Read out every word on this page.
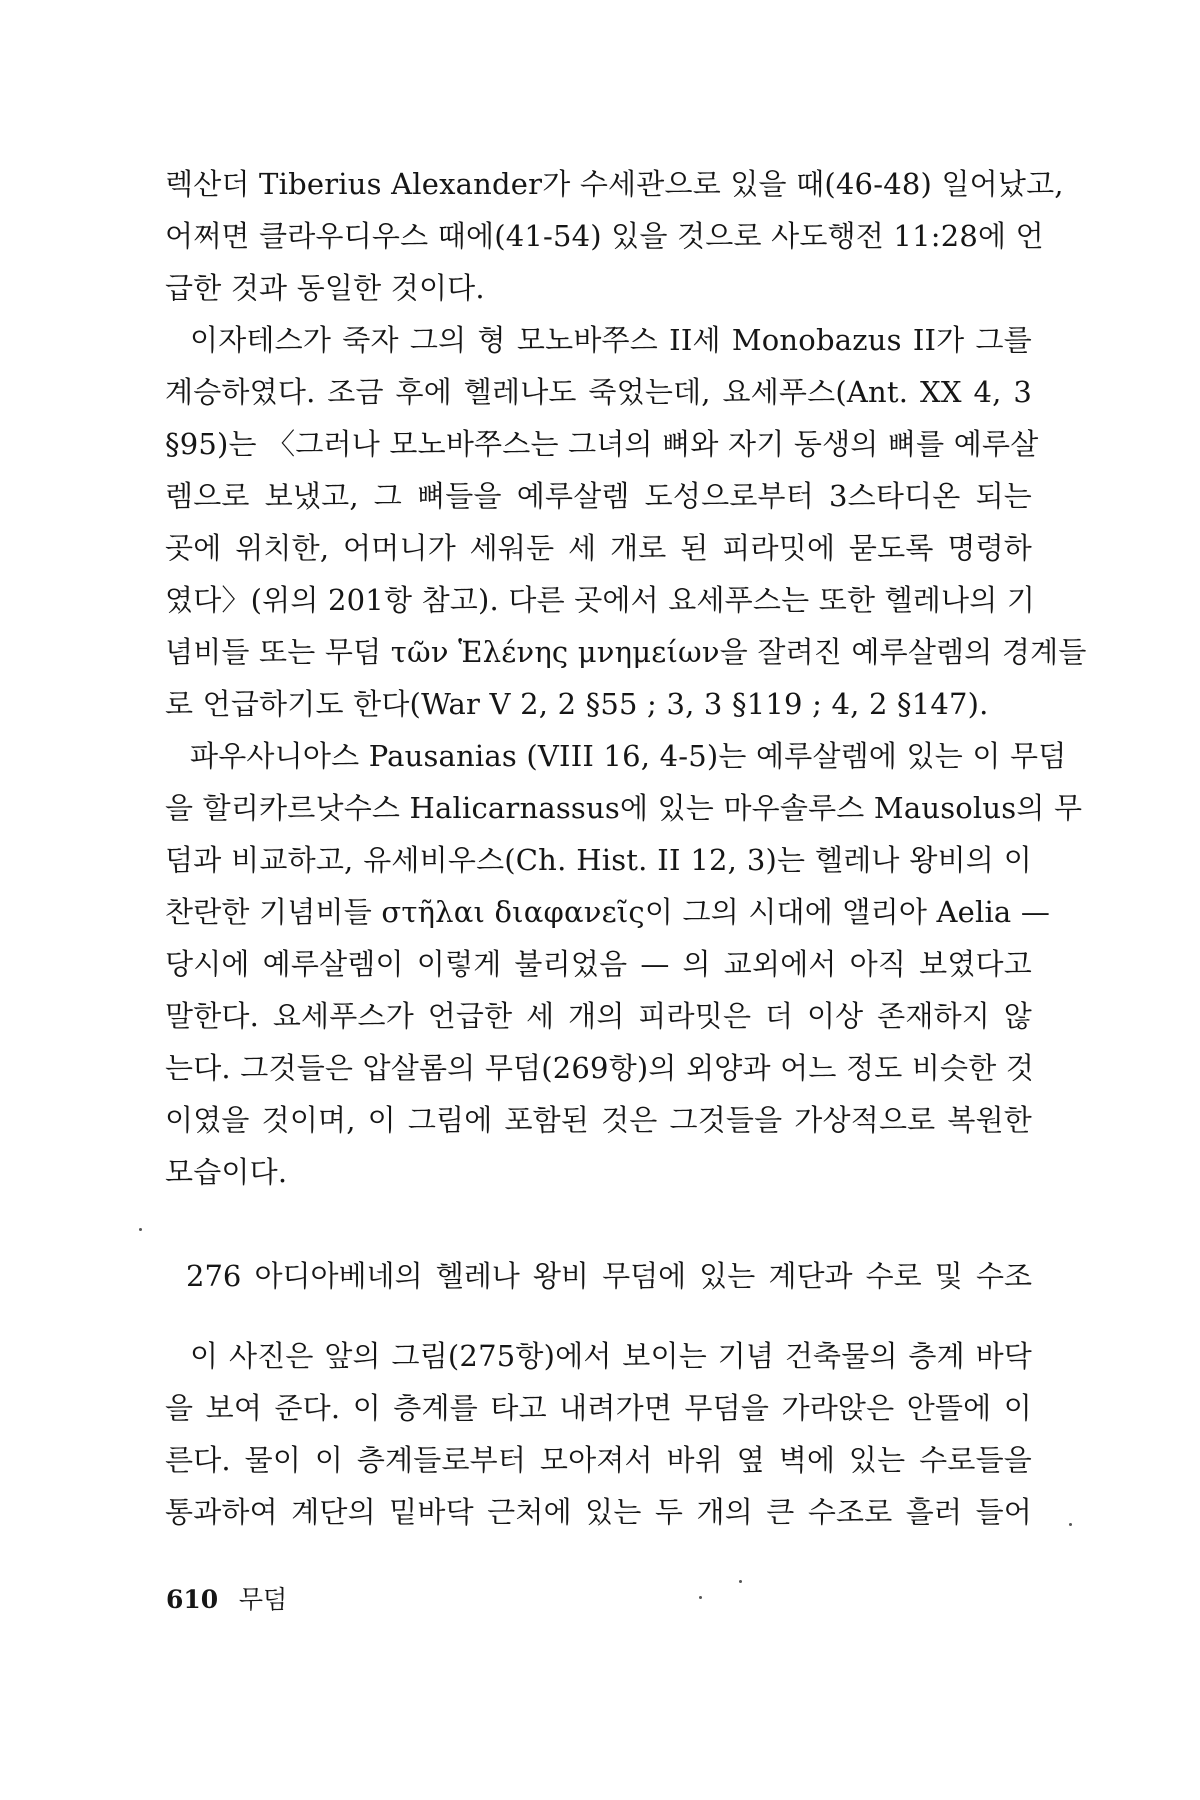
렉산더 Tiberius Alexander가 수세관으로 있을 때(46-48) 일어났고,
어쩌면 클라우디우스 때에(41-54) 있을 것으로 사도행전 11:28에 언
급한 것과 동일한 것이다.
이자테스가 죽자 그의 형 모노바쭈스 II세 Monobazus II가 그를
계승하였다. 조금 후에 헬레나도 죽었는데, 요세푸스(Ant. XX 4, 3
§95)는 〈그러나 모노바쭈스는 그녀의 뼈와 자기 동생의 뼈를 예루살
렘으로 보냈고, 그 뼈들을 예루살렘 도성으로부터 3스타디온 되는
곳에 위치한, 어머니가 세워둔 세 개로 된 피라밋에 묻도록 명령하
였다〉(위의 201항 참고). 다른 곳에서 요세푸스는 또한 헬레나의 기
념비들 또는 무덤 τῶν Ἑλένης μνημείων을 잘려진 예루살렘의 경계들
로 언급하기도 한다(War V 2, 2 §55 ; 3, 3 §119 ; 4, 2 §147).
파우사니아스 Pausanias (VIII 16, 4-5)는 예루살렘에 있는 이 무덤
을 할리카르낫수스 Halicarnassus에 있는 마우솔루스 Mausolus의 무
덤과 비교하고, 유세비우스(Ch. Hist. II 12, 3)는 헬레나 왕비의 이
찬란한 기념비들 στῆλαι διαφανεῖς이 그의 시대에 앨리아 Aelia —
당시에 예루살렘이 이렇게 불리었음 — 의 교외에서 아직 보였다고
말한다. 요세푸스가 언급한 세 개의 피라밋은 더 이상 존재하지 않
는다. 그것들은 압살롬의 무덤(269항)의 외양과 어느 정도 비슷한 것
이였을 것이며, 이 그림에 포함된 것은 그것들을 가상적으로 복원한
모습이다.
276 아디아베네의 헬레나 왕비 무덤에 있는 계단과 수로 및 수조
이 사진은 앞의 그림(275항)에서 보이는 기념 건축물의 층계 바닥
을 보여 준다. 이 층계를 타고 내려가면 무덤을 가라앉은 안뜰에 이
른다. 물이 이 층계들로부터 모아져서 바위 옆 벽에 있는 수로들을
통과하여 계단의 밑바닥 근처에 있는 두 개의 큰 수조로 흘러 들어
610 무덤
